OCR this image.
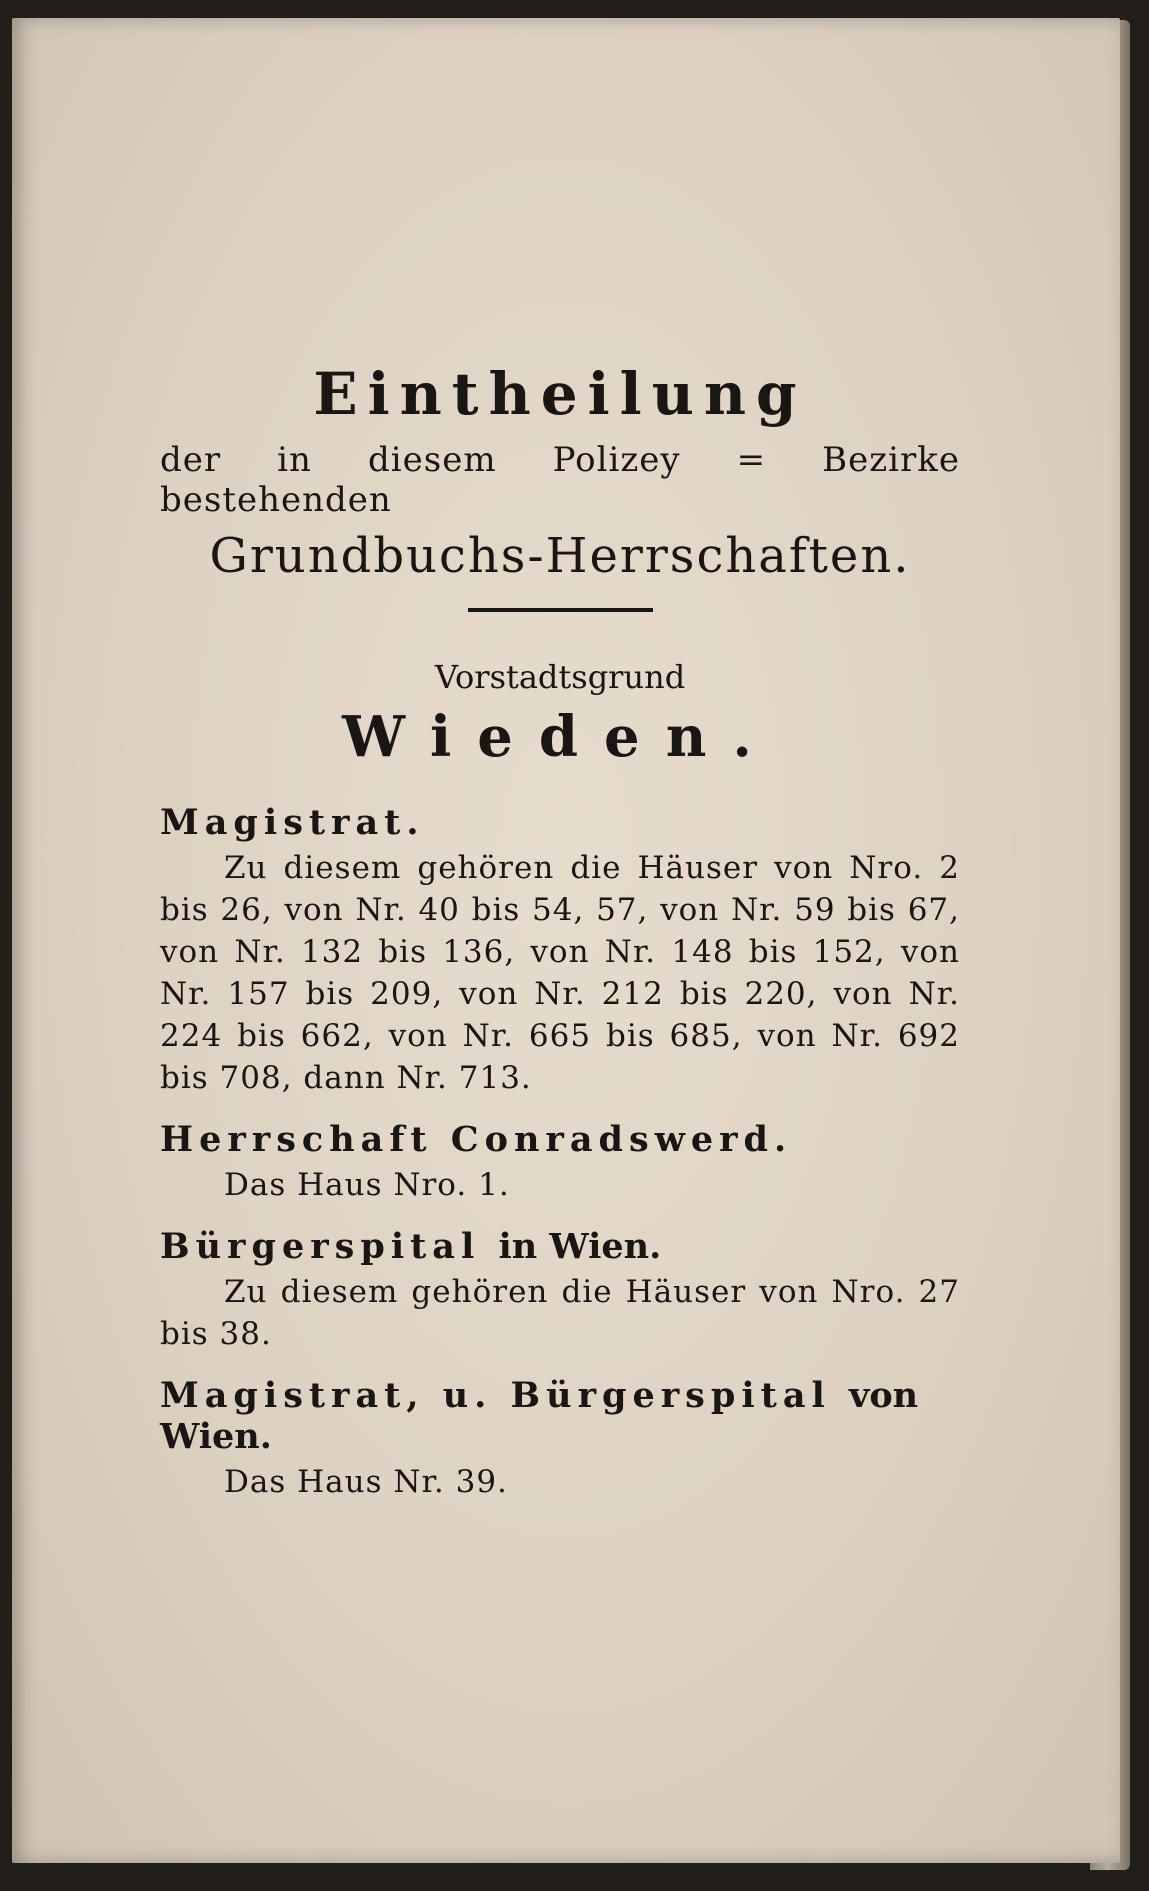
Eintheilung
der in diesem Polizey = Bezirke bestehenden
Grundbuchs-Herrschaften.
Vorstadtsgrund
Wieden.
Magistrat.
Zu diesem gehören die Häuser von Nro. 2 bis 26, von Nr. 40 bis 54, 57, von Nr. 59 bis 67, von Nr. 132 bis 136, von Nr. 148 bis 152, von Nr. 157 bis 209, von Nr. 212 bis 220, von Nr. 224 bis 662, von Nr. 665 bis 685, von Nr. 692 bis 708, dann Nr. 713.
Herrschaft Conradswerd.
Das Haus Nro. 1.
Bürgerspital in Wien.
Zu diesem gehören die Häuser von Nro. 27 bis 38.
Magistrat, u. Bürgerspital von Wien.
Das Haus Nr. 39.
